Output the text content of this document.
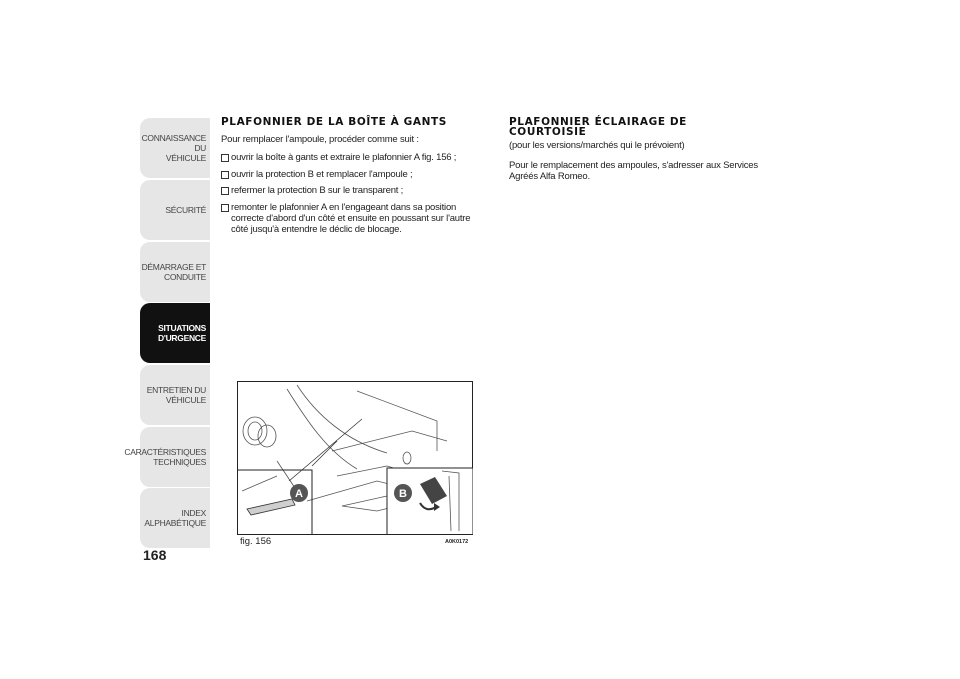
CONNAISSANCE DU
VÉHICULE
SÉCURITÉ
DÉMARRAGE ET
CONDUITE
SITUATIONS
D'URGENCE
ENTRETIEN DU
VÉHICULE
CARACTÉRISTIQUES
TECHNIQUES
INDEX
ALPHABÉTIQUE
168
PLAFONNIER DE LA BOÎTE À GANTS
Pour remplacer l'ampoule, procéder comme suit :
ouvrir la boîte à gants et extraire le plafonnier A fig. 156 ;
ouvrir la protection B et remplacer l'ampoule ;
refermer la protection B sur le transparent ;
remonter le plafonnier A en l'engageant dans sa position correcte d'abord d'un côté et ensuite en poussant sur l'autre côté jusqu'à entendre le déclic de blocage.
PLAFONNIER ÉCLAIRAGE DE
COURTOISIE
(pour les versions/marchés qui le prévoient)
Pour le remplacement des ampoules, s'adresser aux Services Agréés Alfa Romeo.
A	B
fig. 156	A0K0172
